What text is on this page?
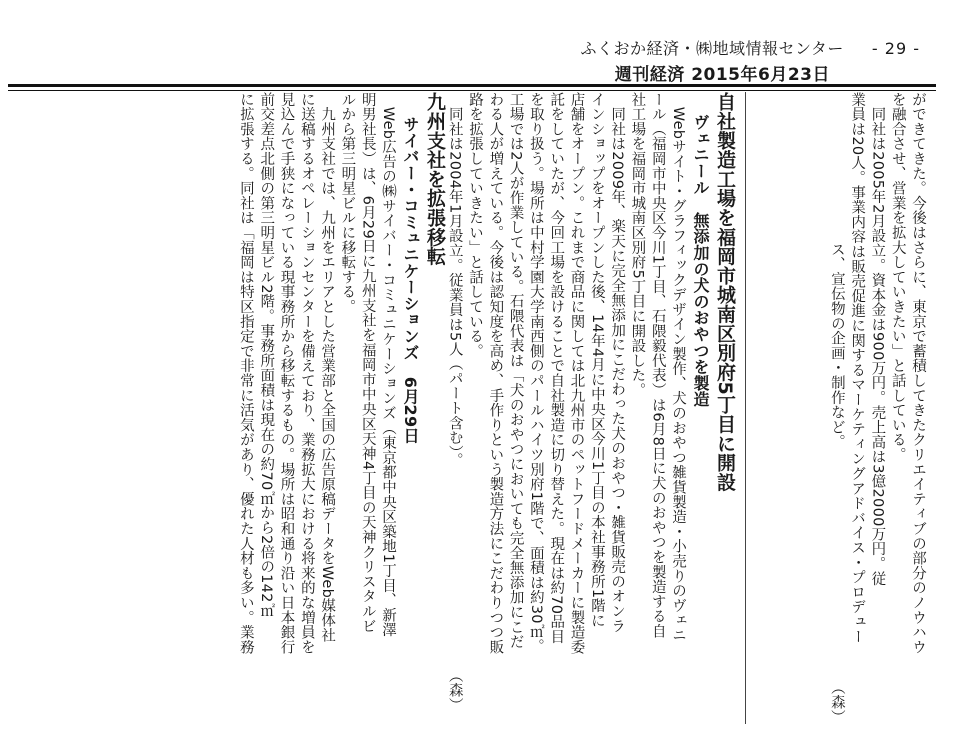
ふくおか経済・㈱地域情報センター - 29 -
週刊経済 2015年6月23日

ができてきた。今後はさらに、東京で蓄積してきたクリエイティブの部分のノウハウ

を融合させ、営業を拡大していきたい」と話している。

　同社は2005年2月設立。資本金は900万円。売上高は3億2000万円。従

業員は20人。事業内容は販売促進に関するマーケティングアドバイス・プロデュー

ス、宣伝物の企画・制作など。（森）

自社製造工場を福岡市城南区別府5丁目に開設

ヴェニール　無添加の犬のおやつを製造

　Webサイト・グラフィックデザイン製作、犬のおやつ雑貨製造・小売りのヴェニ

ール（福岡市中央区今川1丁目、石隈毅代表）は6月8日に犬のおやつを製造する自

社工場を福岡市城南区別府5丁目に開設した。

　同社は2009年、楽天に完全無添加にこだわった犬のおやつ・雑貨販売のオンラ

インショップをオープンした後、14年4月に中央区今川1丁目の本社事務所1階に

店舗をオープン。これまで商品に関しては北九州市のペットフードメーカーに製造委

託をしていたが、今回工場を設けることで自社製造に切り替えた。現在は約70品目

を取り扱う。場所は中村学園大学南西側のパールハイツ別府1階で、面積は約30㎡。

工場では2人が作業している。石隈代表は「犬のおやつにおいても完全無添加にこだ

わる人が増えている。今後は認知度を高め、手作りという製造方法にこだわりつつ販

路を拡張していきたい」と話している。

　同社は2004年1月設立。従業員は5人（パート含む）。（森）

九州支社を拡張移転

サイバー・コミュニケーションズ　6月29日

　Web広告の㈱サイバー・コミュニケーションズ（東京都中央区築地1丁目、新澤

明男社長）は、6月29日に九州支社を福岡市中央区天神4丁目の天神クリスタルビ

ルから第三明星ビルに移転する。

　九州支社では、九州をエリアとした営業部と全国の広告原稿データをWeb媒体社

に送稿するオペレーションセンターを備えており、業務拡大における将来的な増員を

見込んで手狭になっている現事務所から移転するもの。場所は昭和通り沿い日本銀行

前交差点北側の第三明星ビル2階。事務所面積は現在の約70㎡から2倍の142㎡

に拡張する。同社は「福岡は特区指定で非常に活気があり、優れた人材も多い。業務
